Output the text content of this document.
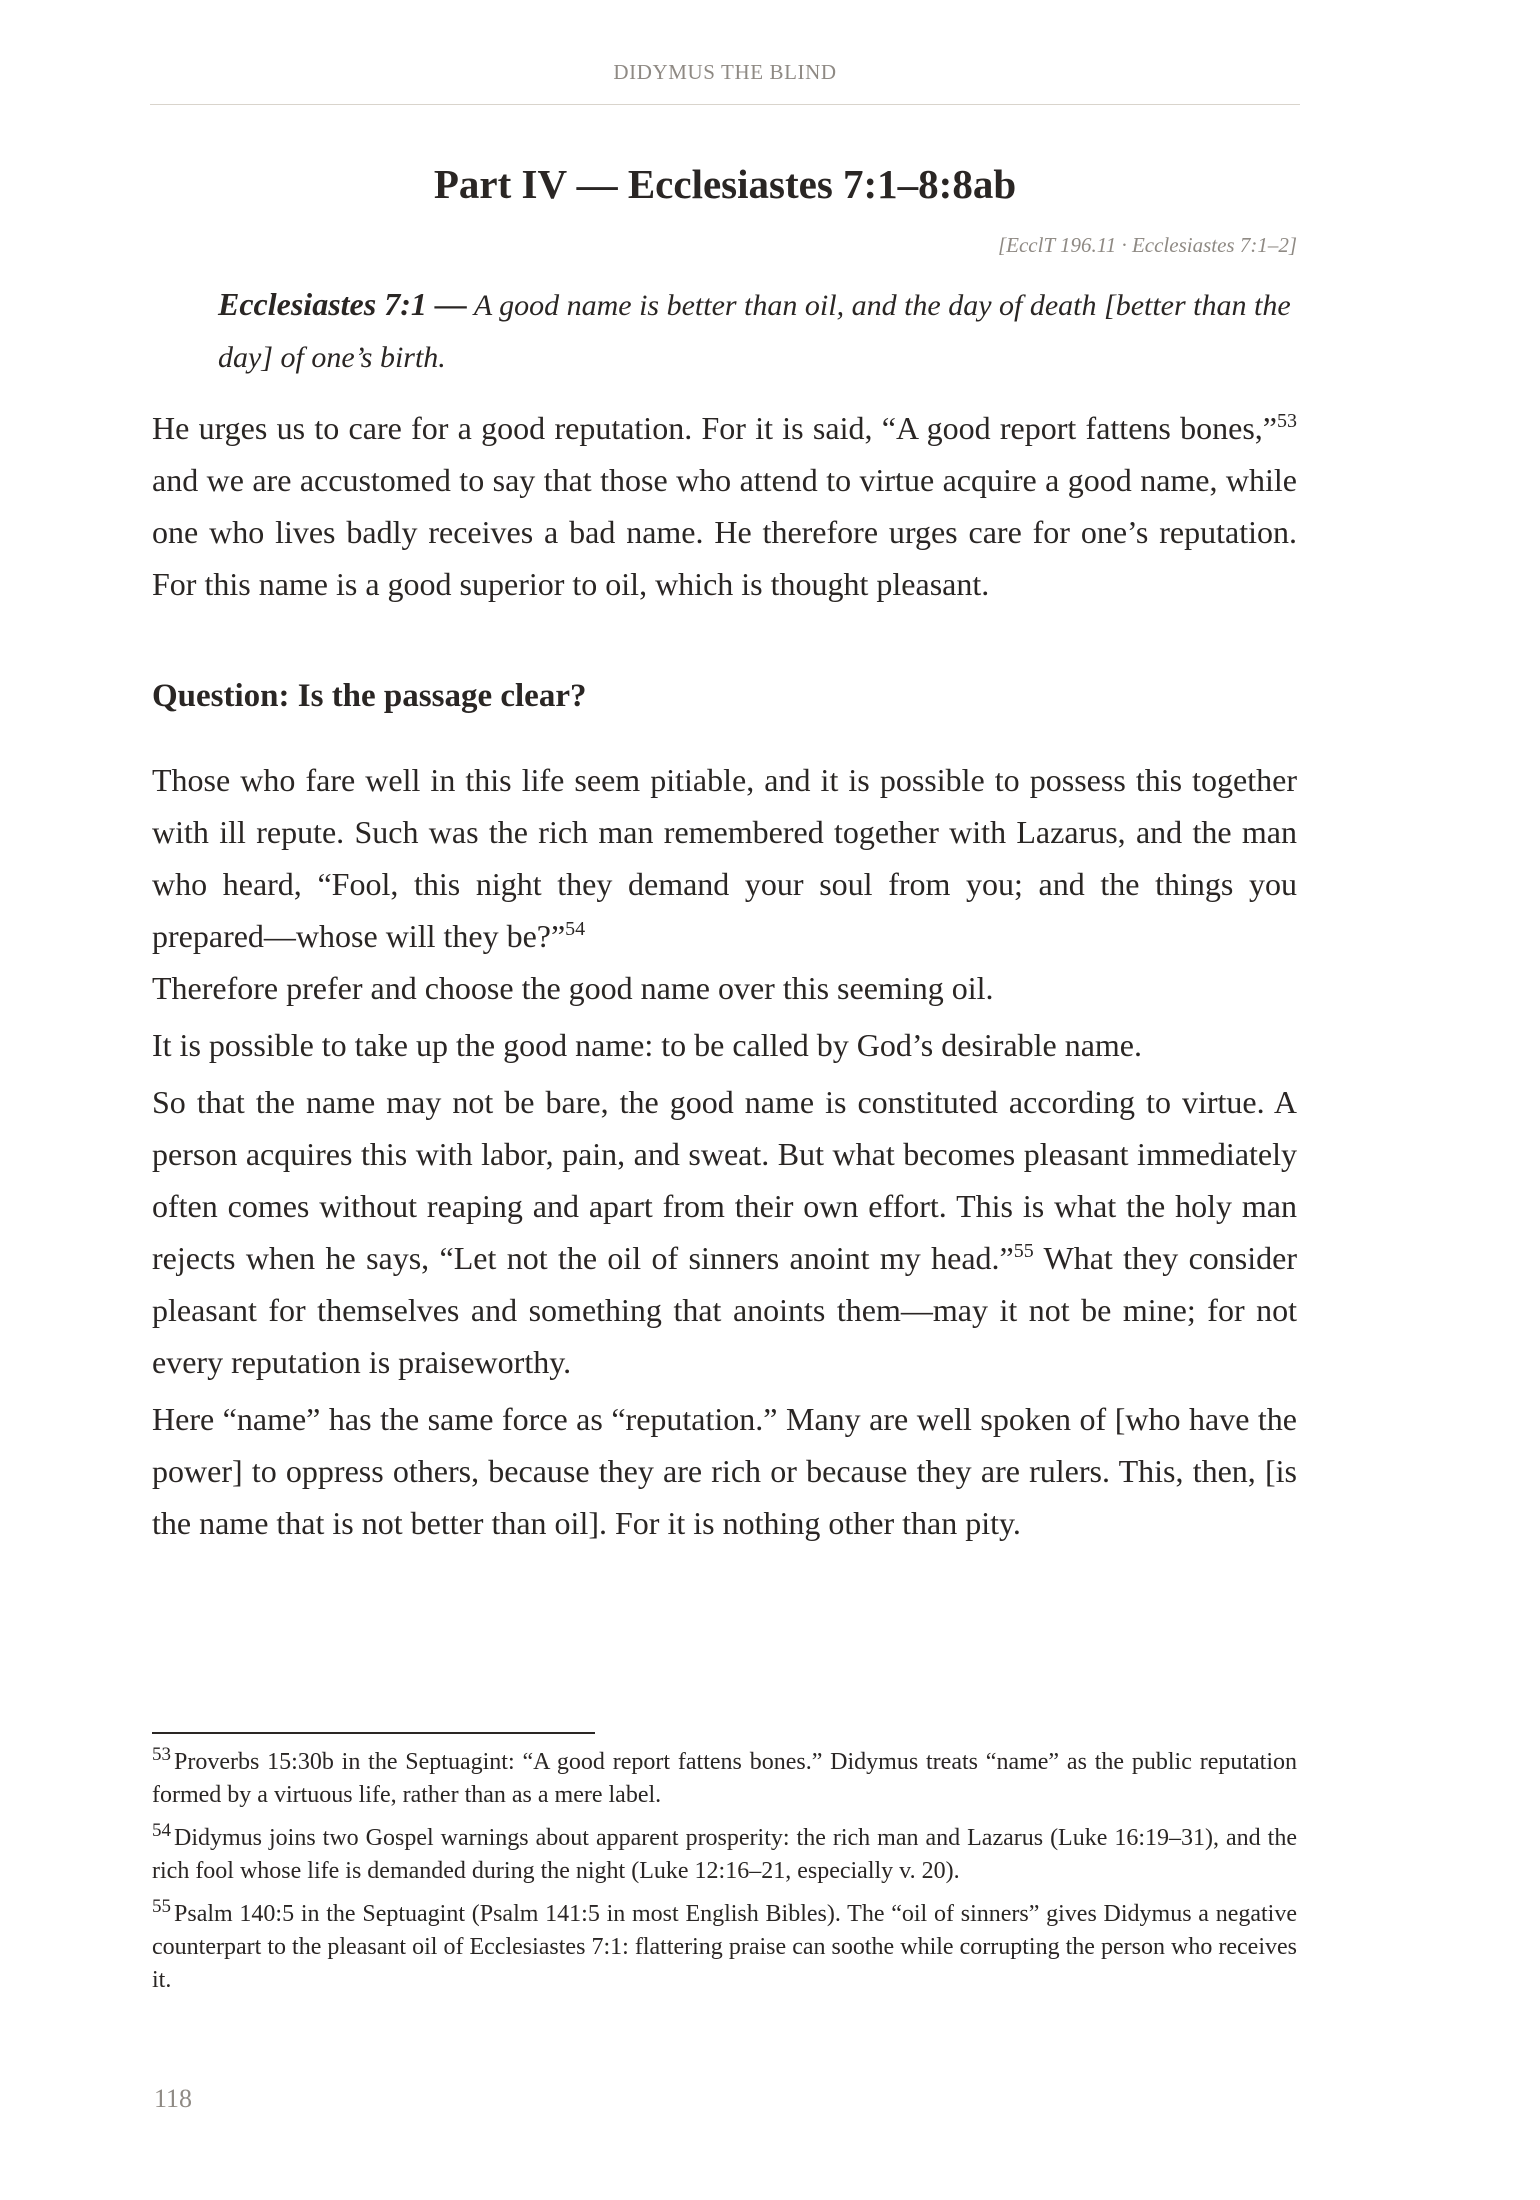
DIDYMUS THE BLIND
Part IV — Ecclesiastes 7:1–8:8ab
[EcclT 196.11 · Ecclesiastes 7:1–2]
Ecclesiastes 7:1 — A good name is better than oil, and the day of death [better than the day] of one’s birth.

He urges us to care for a good reputation. For it is said, “A good report fattens bones,”$^{53}$ and we are accustomed to say that those who attend to virtue acquire a good name, while one who lives badly receives a bad name. He therefore urges care for one’s reputation. For this name is a good superior to oil, which is thought pleasant.

Question: Is the passage clear?

Those who fare well in this life seem pitiable, and it is possible to possess this together with ill repute. Such was the rich man remembered together with Lazarus, and the man who heard, “Fool, this night they demand your soul from you; and the things you prepared—whose will they be?”$^{54}$

Therefore prefer and choose the good name over this seeming oil.

It is possible to take up the good name: to be called by God’s desirable name.

So that the name may not be bare, the good name is constituted according to virtue. A person acquires this with labor, pain, and sweat. But what becomes pleasant immediately often comes without reaping and apart from their own effort. This is what the holy man rejects when he says, “Let not the oil of sinners anoint my head.”$^{55}$ What they consider pleasant for themselves and something that anoints them—may it not be mine; for not every reputation is praiseworthy.

Here “name” has the same force as “reputation.” Many are well spoken of [who have the power] to oppress others, because they are rich or because they are rulers. This, then, [is the name that is not better than oil]. For it is nothing other than pity.

$^{53}$ Proverbs 15:30b in the Septuagint: “A good report fattens bones.” Didymus treats “name” as the public reputation formed by a virtuous life, rather than as a mere label.
$^{54}$ Didymus joins two Gospel warnings about apparent prosperity: the rich man and Lazarus (Luke 16:19–31), and the rich fool whose life is demanded during the night (Luke 12:16–21, especially v. 20).
$^{55}$ Psalm 140:5 in the Septuagint (Psalm 141:5 in most English Bibles). The “oil of sinners” gives Didymus a negative counterpart to the pleasant oil of Ecclesiastes 7:1: flattering praise can soothe while corrupting the person who receives it.
118
